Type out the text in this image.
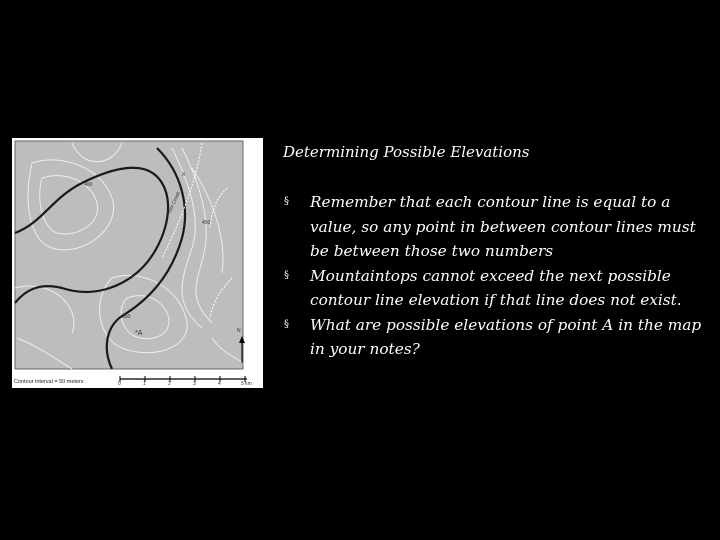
400
350
X
Tom Creek
450
*A	N
Contour interval = 50 meters	0	1	2	3	4	5 km
Determining Possible Elevations
§ Remember that each contour line is equal to a value, so any point in between contour lines must be between those two numbers
§ Mountaintops cannot exceed the next possible contour line elevation if that line does not exist.
§ What are possible elevations of point A in the map in your notes?
